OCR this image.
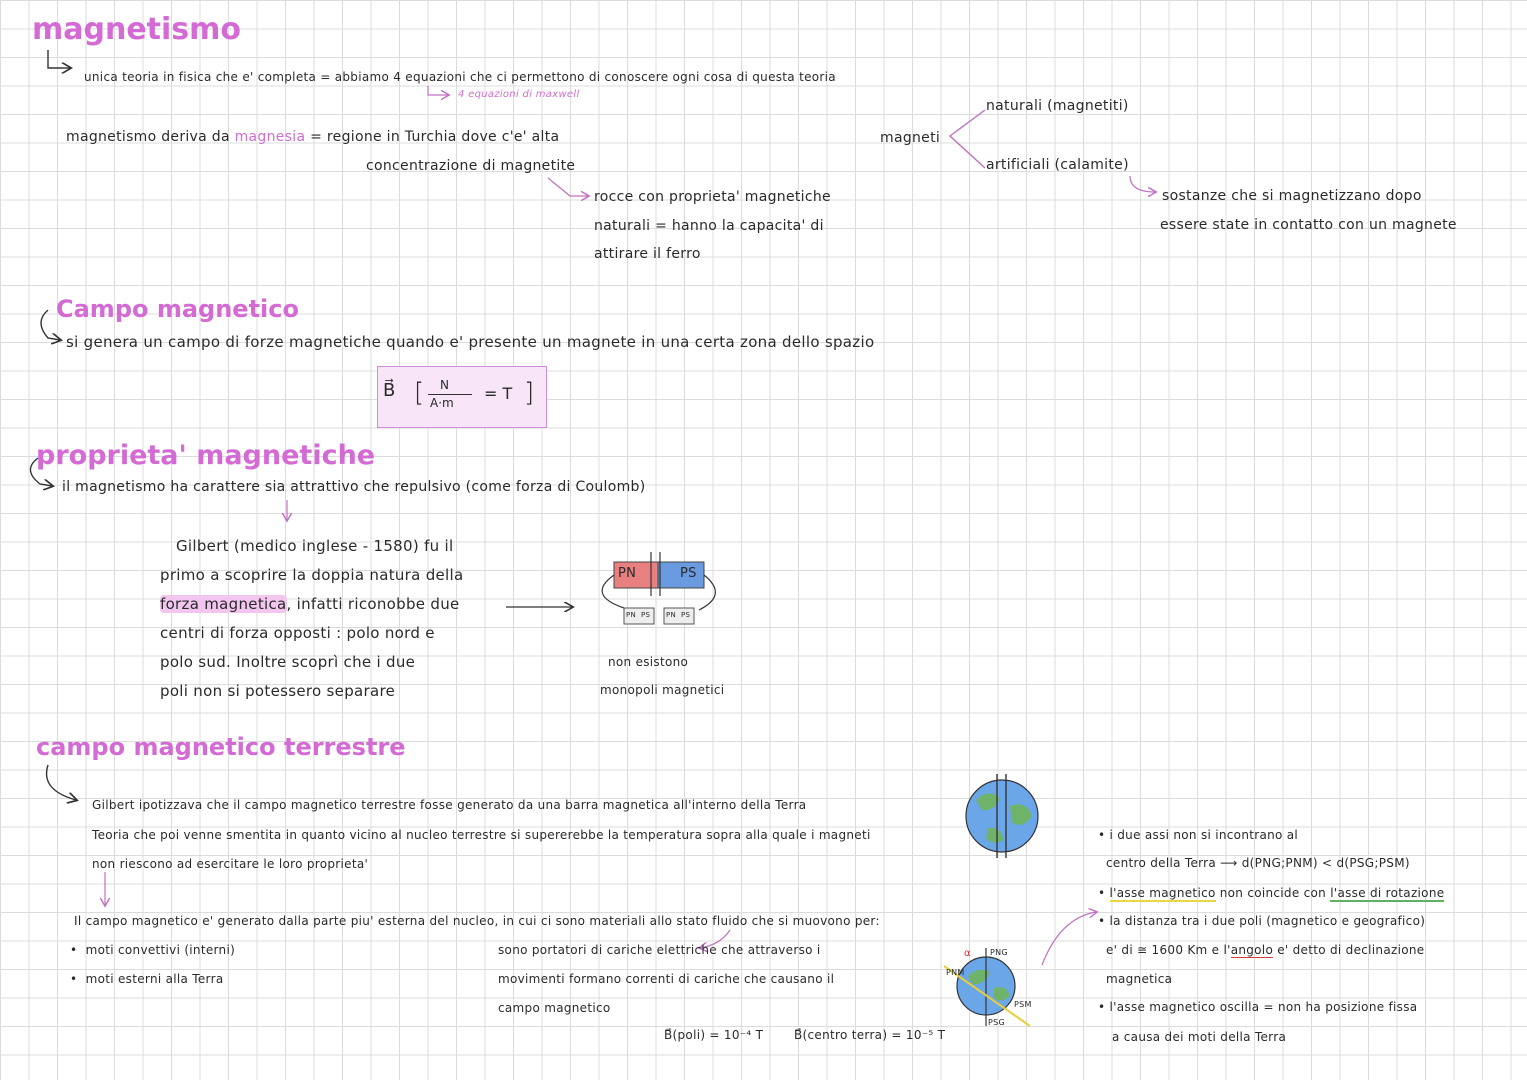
magnetismo
Campo magnetico
proprieta' magnetiche
campo magnetico terrestre
unica teoria in fisica che e' completa = abbiamo 4 equazioni che ci permettono di conoscere ogni cosa di questa teoria
4 equazioni di maxwell
magnetismo deriva da magnesia = regione in Turchia dove c'e' alta
concentrazione di magnetite
rocce con proprieta' magnetiche
naturali = hanno la capacita' di
attirare il ferro
magneti
naturali (magnetiti)
artificiali (calamite)
sostanze che si magnetizzano dopo
essere state in contatto con un magnete
si genera un campo di forze magnetiche quando e' presente un magnete in una certa zona dello spazio
B⃗ [ N
A·m = T ]
il magnetismo ha carattere sia attrattivo che repulsivo (come forza di Coulomb)
Gilbert (medico inglese - 1580) fu il
primo a scoprire la doppia natura della
forza magnetica, infatti riconobbe due
centri di forza opposti : polo nord e
polo sud. Inoltre scoprì che i due
poli non si potessero separare
PN	PS
PN PS PN PS
non esistono
monopoli magnetici
Gilbert ipotizzava che il campo magnetico terrestre fosse generato da una barra magnetica all'interno della Terra
Teoria che poi venne smentita in quanto vicino al nucleo terrestre si supererebbe la temperatura sopra alla quale i magneti
non riescono ad esercitare le loro proprieta'
Il campo magnetico e' generato dalla parte piu' esterna del nucleo, in cui ci sono materiali allo stato fluido che si muovono per:
•  moti convettivi (interni)
•  moti esterni alla Terra
sono portatori di cariche elettriche che attraverso i
movimenti formano correnti di cariche che causano il
campo magnetico
B⃗(poli) = 10⁻⁴ T	B⃗(centro terra) = 10⁻⁵ T
α PNG
PNM
PSM
PSG
• i due assi non si incontrano al
centro della Terra ⟶ d(PNG;PNM) < d(PSG;PSM)
• l'asse magnetico non coincide con l'asse di rotazione
• la distanza tra i due poli (magnetico e geografico)
e' di ≅ 1600 Km e l'angolo e' detto di declinazione
magnetica
• l'asse magnetico oscilla = non ha posizione fissa
a causa dei moti della Terra
